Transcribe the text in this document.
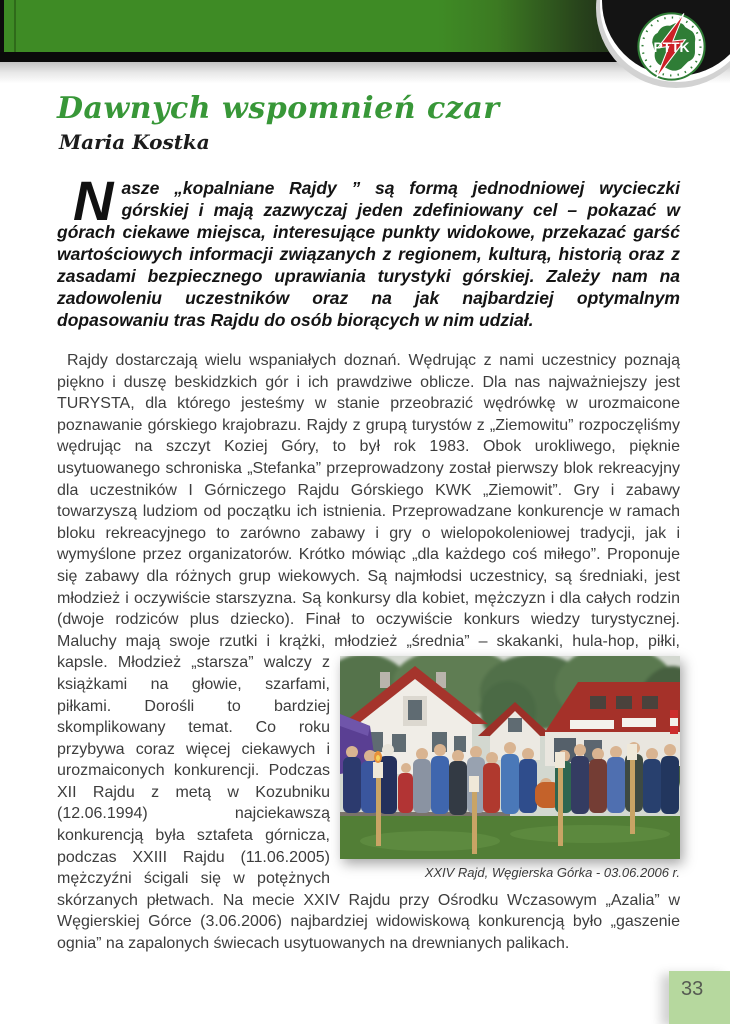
PTTK
Dawnych wspomnień czar
Maria Kostka

Nasze „kopalniane Rajdy ” są formą jednodniowej wycieczki górskiej i mają zazwyczaj jeden zdefiniowany cel – pokazać w górach ciekawe miejsca, interesujące punkty widokowe, przekazać garść wartościowych informacji związanych z regionem, kulturą, historią oraz z zasadami bezpiecznego uprawiania turystyki górskiej. Zależy nam na zadowoleniu uczestników oraz na jak najbardziej optymalnym dopasowaniu tras Rajdu do osób biorących w nim udział.

Rajdy dostarczają wielu wspaniałych doznań. Wędrując z nami uczestnicy poznają piękno i duszę beskidzkich gór i ich prawdziwe oblicze. Dla nas najważniejszy jest TURYSTA, dla którego jesteśmy w stanie przeobrazić wędrówkę w urozmaicone poznawanie górskiego krajobrazu. Rajdy z grupą turystów z „Ziemowitu” rozpoczęliśmy wędrując na szczyt Koziej Góry, to był rok 1983. Obok urokliwego, pięknie usytuowanego schroniska „Stefanka” przeprowadzony został pierwszy blok rekreacyjny dla uczestników I Górniczego Rajdu Górskiego KWK „Ziemowit”. Gry i zabawy towarzyszą ludziom od początku ich istnienia. Przeprowadzane konkurencje w ramach bloku rekreacyjnego to zarówno zabawy i gry o wielopokoleniowej tradycji, jak i wymyślone przez organizatorów. Krótko mówiąc „dla każdego coś miłego”. Proponuje się zabawy dla różnych grup wiekowych. Są najmłodsi uczestnicy, są średniaki, jest młodzież i oczywiście starszyzna. Są konkursy dla kobiet, mężczyzn i dla całych rodzin (dwoje rodziców plus dziecko). Finał to oczywiście konkurs wiedzy turystycznej. Maluchy mają swoje rzutki i krążki, młodzież „średnia” – skakanki,
XXIV Rajd, Węgierska Górka - 03.06.2006 r.
hula-hop, piłki, kapsle. Młodzież „starsza” walczy z książkami na głowie, szarfami, piłkami. Dorośli to bardziej skomplikowany temat. Co roku przybywa coraz więcej ciekawych i urozmaiconych konkurencji. Podczas XII Rajdu z metą w Kozubniku (12.06.1994) najciekawszą konkurencją była sztafeta górnicza, podczas XXIII Rajdu (11.06.2005) mężczyźni ścigali się w potężnych skórzanych płetwach. Na mecie XXIV Rajdu przy Ośrodku Wczasowym „Azalia” w Węgierskiej Górce (3.06.2006) najbardziej widowiskową konkurencją było „gaszenie ognia” na zapalonych świecach usytuowanych na drewnianych palikach.

33
